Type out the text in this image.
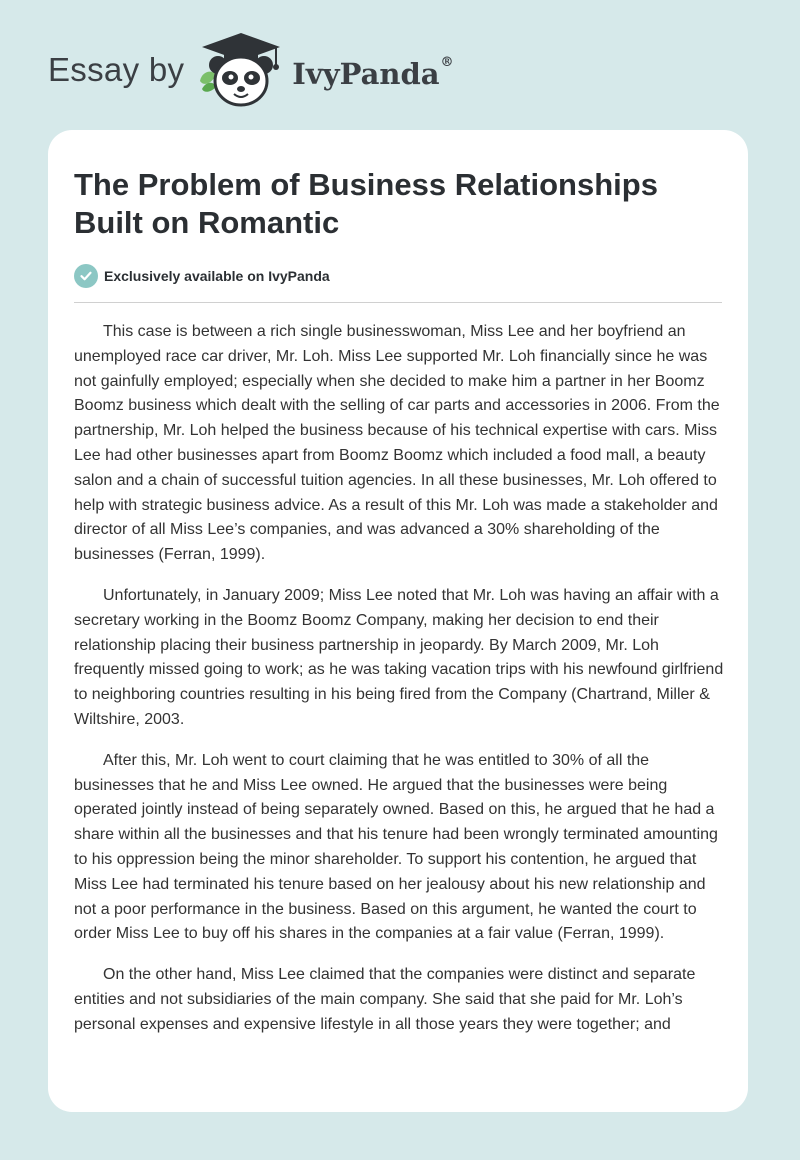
Essay by	IvyPanda®
The Problem of Business Relationships Built on Romantic
Exclusively available on IvyPanda

This case is between a rich single businesswoman, Miss Lee and her boyfriend an unemployed race car driver, Mr. Loh. Miss Lee supported Mr. Loh financially since he was not gainfully employed; especially when she decided to make him a partner in her Boomz Boomz business which dealt with the selling of car parts and accessories in 2006. From the partnership, Mr. Loh helped the business because of his technical expertise with cars. Miss Lee had other businesses apart from Boomz Boomz which included a food mall, a beauty salon and a chain of successful tuition agencies. In all these businesses, Mr. Loh offered to help with strategic business advice. As a result of this Mr. Loh was made a stakeholder and director of all Miss Lee’s companies, and was advanced a 30% shareholding of the businesses (Ferran, 1999).

Unfortunately, in January 2009; Miss Lee noted that Mr. Loh was having an affair with a secretary working in the Boomz Boomz Company, making her decision to end their relationship placing their business partnership in jeopardy. By March 2009, Mr. Loh frequently missed going to work; as he was taking vacation trips with his newfound girlfriend to neighboring countries resulting in his being fired from the Company (Chartrand, Miller & Wiltshire, 2003.

After this, Mr. Loh went to court claiming that he was entitled to 30% of all the businesses that he and Miss Lee owned. He argued that the businesses were being operated jointly instead of being separately owned. Based on this, he argued that he had a share within all the businesses and that his tenure had been wrongly terminated amounting to his oppression being the minor shareholder. To support his contention, he argued that Miss Lee had terminated his tenure based on her jealousy about his new relationship and not a poor performance in the business. Based on this argument, he wanted the court to order Miss Lee to buy off his shares in the companies at a fair value (Ferran, 1999).

On the other hand, Miss Lee claimed that the companies were distinct and separate entities and not subsidiaries of the main company. She said that she paid for Mr. Loh’s personal expenses and expensive lifestyle in all those years they were together; and
